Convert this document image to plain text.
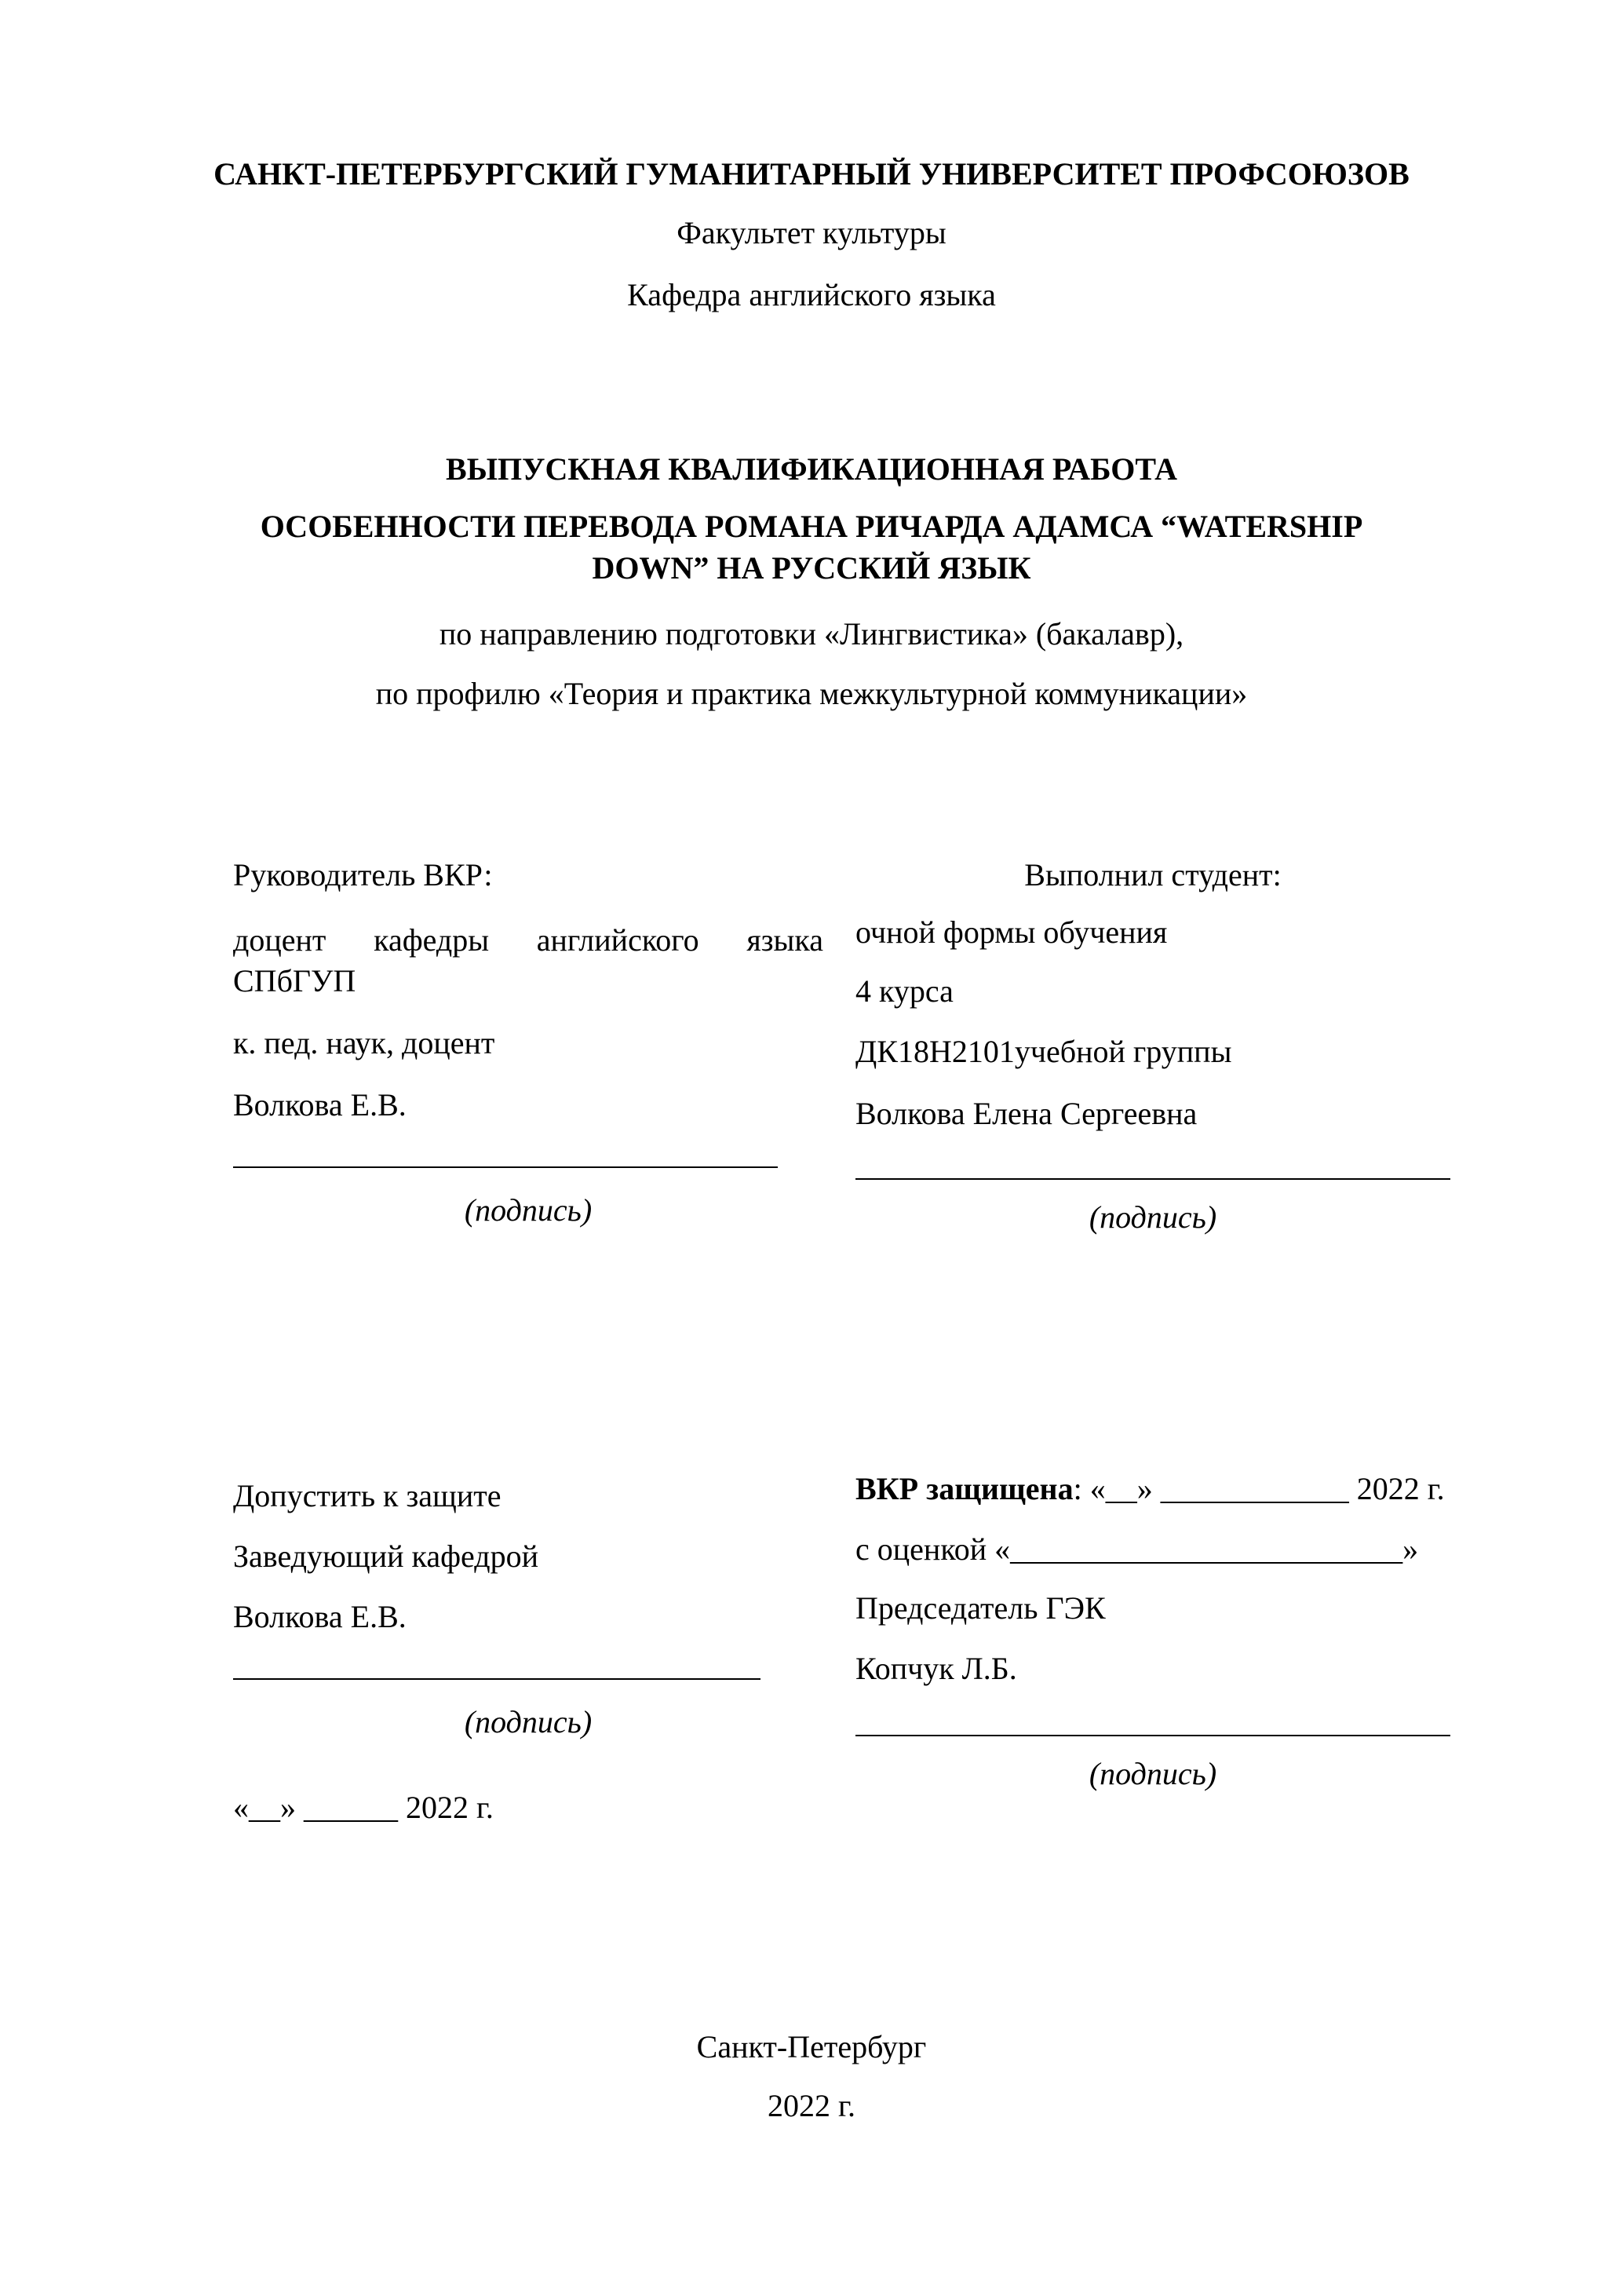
САНКТ-ПЕТЕРБУРГСКИЙ ГУМАНИТАРНЫЙ УНИВЕРСИТЕТ ПРОФСОЮЗОВ
Факультет культуры
Кафедра английского языка
ВЫПУСКНАЯ КВАЛИФИКАЦИОННАЯ РАБОТА
ОСОБЕННОСТИ ПЕРЕВОДА РОМАНА РИЧАРДА АДАМСА “WATERSHIP
DOWN” НА РУССКИЙ ЯЗЫК
по направлению подготовки «Лингвистика» (бакалавр),
по профилю «Теория и практика межкультурной коммуникации»
Руководитель ВКР:
доцент кафедры английского языка
СПбГУП
к. пед. наук, доцент
Волкова Е.В.
(подпись)
Выполнил студент:
очной формы обучения
4 курса
ДК18Н2101учебной группы
Волкова Елена Сергеевна
(подпись)
Допустить к защите
Заведующий кафедрой
Волкова Е.В.
(подпись)
«__» ______ 2022 г.
ВКР защищена: «__» ____________ 2022 г.
с оценкой «_________________________»
Председатель ГЭК
Копчук Л.Б.
(подпись)
Санкт-Петербург
2022 г.
